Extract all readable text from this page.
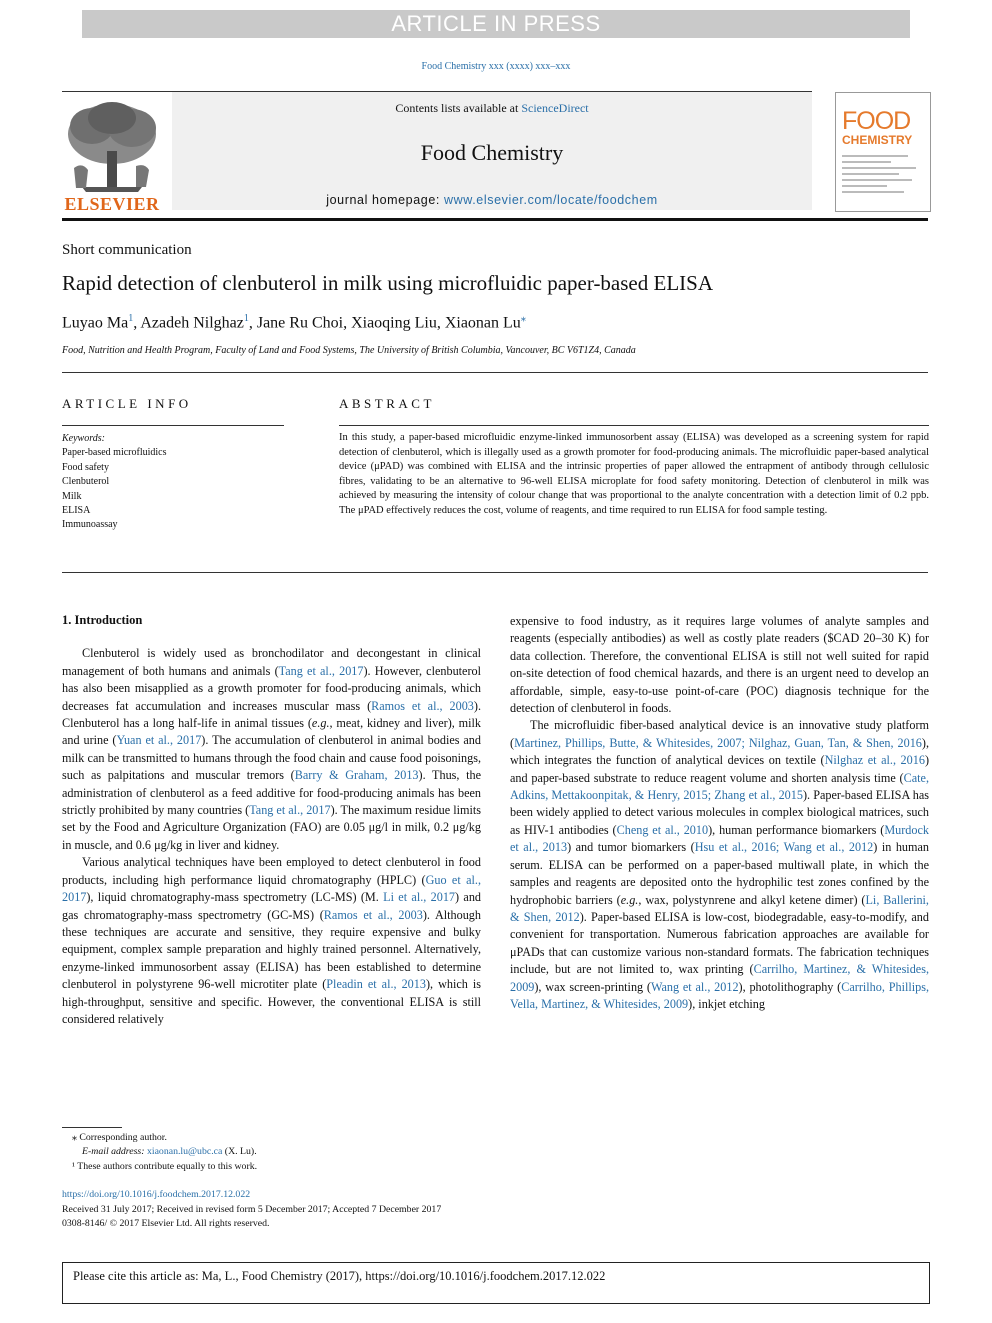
ARTICLE IN PRESS
Food Chemistry xxx (xxxx) xxx–xxx
ELSEVIER
Contents lists available at ScienceDirect
Food Chemistry
journal homepage: www.elsevier.com/locate/foodchem
FOOD
CHEMISTRY
Short communication
Rapid detection of clenbuterol in milk using microfluidic paper-based ELISA
Luyao Ma$^1$, Azadeh Nilghaz$^1$, Jane Ru Choi, Xiaoqing Liu, Xiaonan Lu⁎
Food, Nutrition and Health Program, Faculty of Land and Food Systems, The University of British Columbia, Vancouver, BC V6T1Z4, Canada
ARTICLE INFO
Keywords:
Paper-based microfluidics
Food safety
Clenbuterol
Milk
ELISA
Immunoassay
ABSTRACT
In this study, a paper-based microfluidic enzyme-linked immunosorbent assay (ELISA) was developed as a screening system for rapid detection of clenbuterol, which is illegally used as a growth promoter for food-producing animals. The microfluidic paper-based analytical device (μPAD) was combined with ELISA and the intrinsic properties of paper allowed the entrapment of antibody through cellulosic fibres, validating to be an alternative to 96-well ELISA microplate for food safety monitoring. Detection of clenbuterol in milk was achieved by measuring the intensity of colour change that was proportional to the analyte concentration with a detection limit of 0.2 ppb. The μPAD effectively reduces the cost, volume of reagents, and time required to run ELISA for food sample testing.
1. Introduction

Clenbuterol is widely used as bronchodilator and decongestant in clinical management of both humans and animals (Tang et al., 2017). However, clenbuterol has also been misapplied as a growth promoter for food-producing animals, which decreases fat accumulation and increases muscular mass (Ramos et al., 2003). Clenbuterol has a long half-life in animal tissues (e.g., meat, kidney and liver), milk and urine (Yuan et al., 2017). The accumulation of clenbuterol in animal bodies and milk can be transmitted to humans through the food chain and cause food poisonings, such as palpitations and muscular tremors (Barry & Graham, 2013). Thus, the administration of clenbuterol as a feed additive for food-producing animals has been strictly prohibited by many countries (Tang et al., 2017). The maximum residue limits set by the Food and Agriculture Organization (FAO) are 0.05 μg/l in milk, 0.2 μg/kg in muscle, and 0.6 μg/kg in liver and kidney.

Various analytical techniques have been employed to detect clenbuterol in food products, including high performance liquid chromatography (HPLC) (Guo et al., 2017), liquid chromatography-mass spectrometry (LC-MS) (M. Li et al., 2017) and gas chromatography-mass spectrometry (GC-MS) (Ramos et al., 2003). Although these techniques are accurate and sensitive, they require expensive and bulky equipment, complex sample preparation and highly trained personnel. Alternatively, enzyme-linked immunosorbent assay (ELISA) has been established to determine clenbuterol in polystyrene 96-well microtiter plate (Pleadin et al., 2013), which is high-throughput, sensitive and specific. However, the conventional ELISA is still considered relatively

expensive to food industry, as it requires large volumes of analyte samples and reagents (especially antibodies) as well as costly plate readers ($CAD 20–30 K) for data collection. Therefore, the conventional ELISA is still not well suited for rapid on-site detection of food chemical hazards, and there is an urgent need to develop an affordable, simple, easy-to-use point-of-care (POC) diagnosis technique for the detection of clenbuterol in foods.

The microfluidic fiber-based analytical device is an innovative study platform (Martinez, Phillips, Butte, & Whitesides, 2007; Nilghaz, Guan, Tan, & Shen, 2016), which integrates the function of analytical devices on textile (Nilghaz et al., 2016) and paper-based substrate to reduce reagent volume and shorten analysis time (Cate, Adkins, Mettakoonpitak, & Henry, 2015; Zhang et al., 2015). Paper-based ELISA has been widely applied to detect various molecules in complex biological matrices, such as HIV-1 antibodies (Cheng et al., 2010), human performance biomarkers (Murdock et al., 2013) and tumor biomarkers (Hsu et al., 2016; Wang et al., 2012) in human serum. ELISA can be performed on a paper-based multiwall plate, in which the samples and reagents are deposited onto the hydrophilic test zones confined by the hydrophobic barriers (e.g., wax, polystynrene and alkyl ketene dimer) (Li, Ballerini, & Shen, 2012). Paper-based ELISA is low-cost, biodegradable, easy-to-modify, and convenient for transportation. Numerous fabrication approaches are available for μPADs that can customize various non-standard formats. The fabrication techniques include, but are not limited to, wax printing (Carrilho, Martinez, & Whitesides, 2009), wax screen-printing (Wang et al., 2012), photolithography (Carrilho, Phillips, Vella, Martinez, & Whitesides, 2009), inkjet etching

⁎ Corresponding author.
E-mail address: xiaonan.lu@ubc.ca (X. Lu).
¹ These authors contribute equally to this work.
https://doi.org/10.1016/j.foodchem.2017.12.022
Received 31 July 2017; Received in revised form 5 December 2017; Accepted 7 December 2017
0308-8146/ © 2017 Elsevier Ltd. All rights reserved.
Please cite this article as: Ma, L., Food Chemistry (2017), https://doi.org/10.1016/j.foodchem.2017.12.022
